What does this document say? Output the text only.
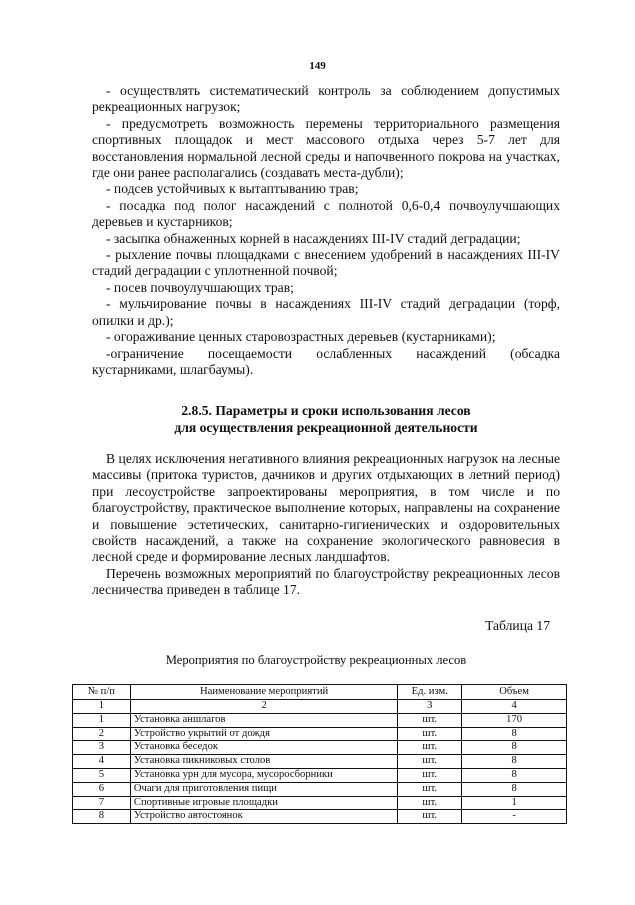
149

- осуществлять систематический контроль за соблюдением допустимых рекреационных нагрузок;

- предусмотреть возможность перемены территориального размещения спортивных площадок и мест массового отдыха через 5-7 лет для восстановления нормальной лесной среды и напочвенного покрова на участках, где они ранее располагались (создавать места-дубли);

- подсев устойчивых к вытаптыванию трав;

- посадка под полог насаждений с полнотой 0,6-0,4 почвоулучшающих деревьев и кустарников;

- засыпка обнаженных корней в насаждениях III-IV стадий деградации;

- рыхление почвы площадками с внесением удобрений в насаждениях III-IV стадий деградации с уплотненной почвой;

- посев почвоулучшающих трав;

- мульчирование почвы в насаждениях III-IV стадий деградации (торф, опилки и др.);

- огораживание ценных старовозрастных деревьев (кустарниками);

-ограничение посещаемости ослабленных насаждений (обсадка кустарниками, шлагбаумы).

2.8.5. Параметры и сроки использования лесов
для осуществления рекреационной деятельности

В целях исключения негативного влияния рекреационных нагрузок на лесные массивы (притока туристов, дачников и других отдыхающих в летний период) при лесоустройстве запроектированы мероприятия, в том числе и по благоустройству, практическое выполнение которых, направлены на сохранение и повышение эстетических, санитарно-гигиенических и оздоровительных свойств насаждений, а также на сохранение экологического равновесия в лесной среде и формирование лесных ландшафтов.

Перечень возможных мероприятий по благоустройству рекреационных лесов лесничества приведен в таблице 17.

Таблица 17
Мероприятия по благоустройству рекреационных лесов
№ п/п	Наименование мероприятий	Ед. изм.	Объем
1	2	3	4
1	Установка аншлагов	шт.	170
2	Устройство укрытий от дождя	шт.	8
3	Установка беседок	шт.	8
4	Установка пикниковых столов	шт.	8
5	Установка урн для мусора, мусоросборники	шт.	8
6	Очаги для приготовления пищи	шт.	8
7	Спортивные игровые площадки	шт.	1
8	Устройство автостоянок	шт.	-
